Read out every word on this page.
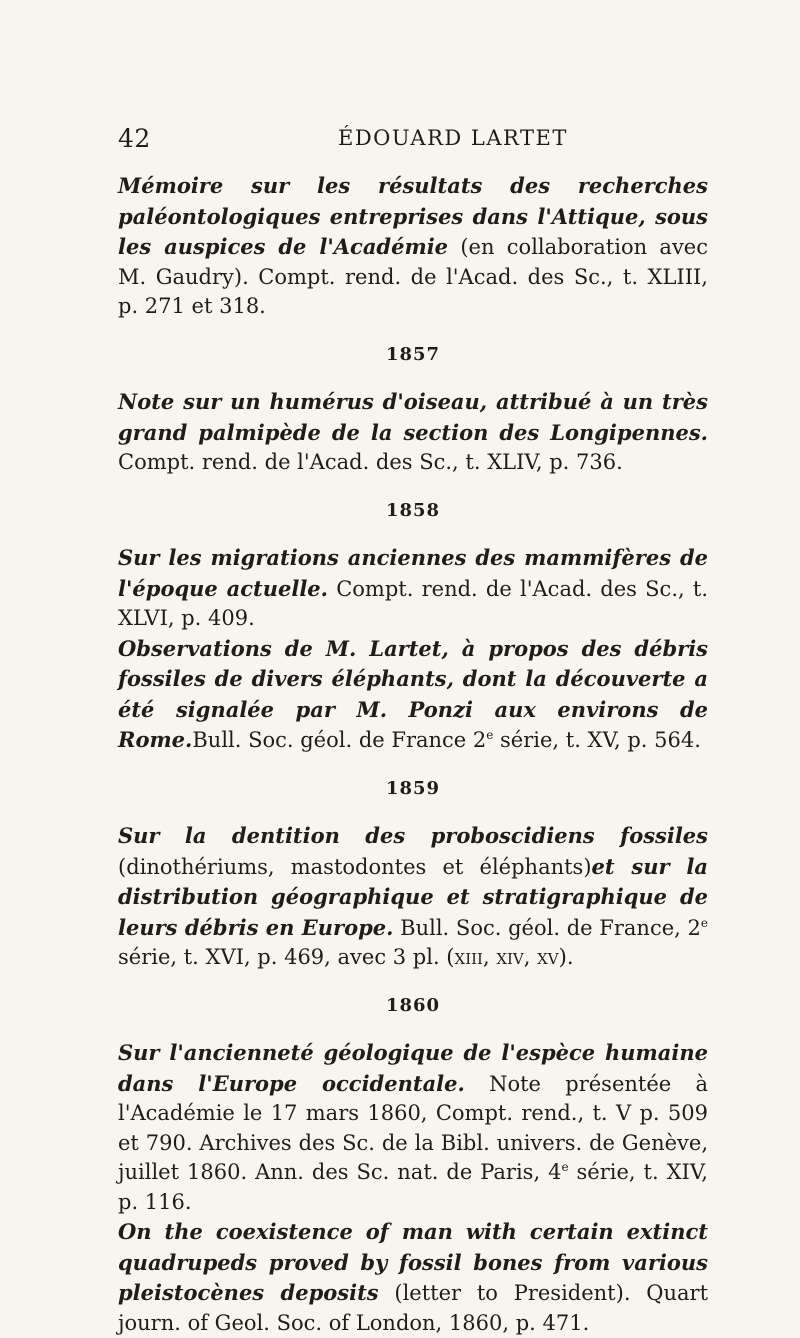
42	ÉDOUARD LARTET

Mémoire sur les résultats des recherches paléontologiques entreprises dans l'Attique, sous les auspices de l'Académie (en collaboration avec M. Gaudry). Compt. rend. de l'Acad. des Sc., t. XLIII, p. 271 et 318.

1857

Note sur un humérus d'oiseau, attribué à un très grand palmipède de la section des Longipennes. Compt. rend. de l'Acad. des Sc., t. XLIV, p. 736.

1858

Sur les migrations anciennes des mammifères de l'époque actuelle. Compt. rend. de l'Acad. des Sc., t. XLVI, p. 409.

Observations de M. Lartet, à propos des débris fossiles de divers éléphants, dont la découverte a été signalée par M. Ponzi aux environs de Rome.Bull. Soc. géol. de France 2e série, t. XV, p. 564.

1859

Sur la dentition des proboscidiens fossiles (dinothériums, mastodontes et éléphants)et sur la distribution géographique et stratigraphique de leurs débris en Europe. Bull. Soc. géol. de France, 2e série, t. XVI, p. 469, avec 3 pl. (xiii, xiv, xv).

1860

Sur l'ancienneté géologique de l'espèce humaine dans l'Europe occidentale. Note présentée à l'Académie le 17 mars 1860, Compt. rend., t. V p. 509 et 790. Archives des Sc. de la Bibl. univers. de Genève, juillet 1860. Ann. des Sc. nat. de Paris, 4e série, t. XIV, p. 116.

On the coexistence of man with certain extinct quadrupeds proved by fossil bones from various pleistocènes deposits (letter to President). Quart journ. of Geol. Soc. of London, 1860, p. 471.
